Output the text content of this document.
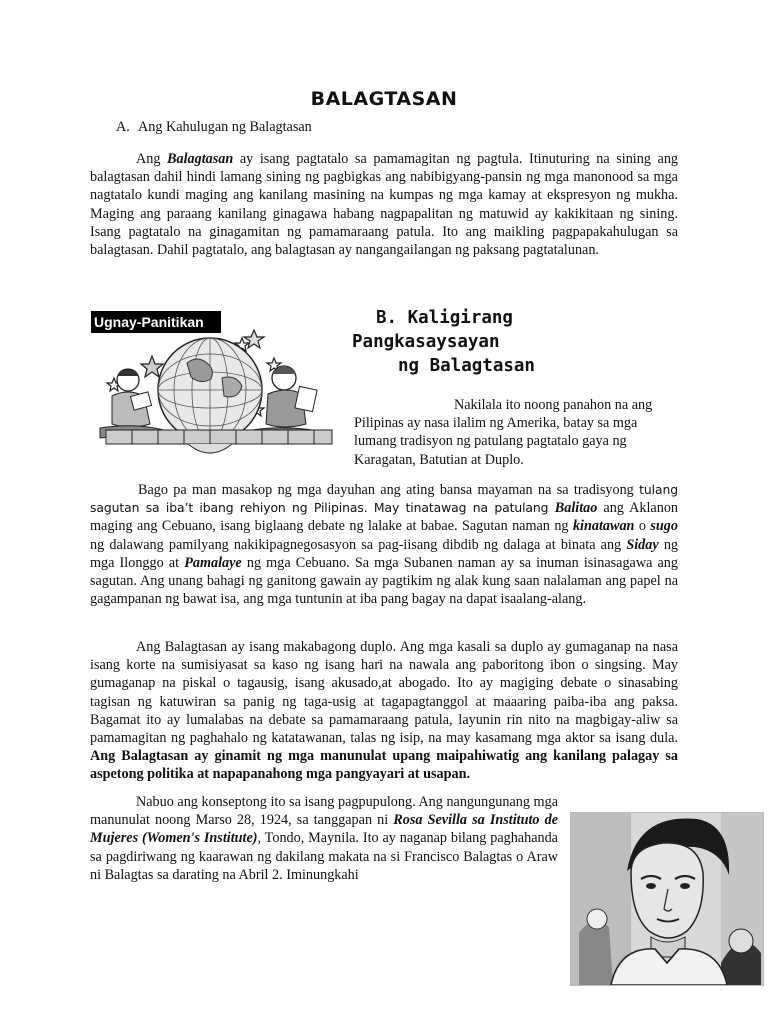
BALAGTASAN
A. Ang Kahulugan ng Balagtasan
Ang Balagtasan ay isang pagtatalo sa pamamagitan ng pagtula. Itinuturing na sining ang balagtasan dahil hindi lamang sining ng pagbigkas ang nabibigyang-pansin ng mga manonood sa mga nagtatalo kundi maging ang kanilang masining na kumpas ng mga kamay at ekspresyon ng mukha. Maging ang paraang kanilang ginagawa habang nagpapalitan ng matuwid ay kakikitaan ng sining. Isang pagtatalo na ginagamitan ng pamamaraang patula. Ito ang maikling pagpapakahulugan sa balagtasan. Dahil pagtatalo, ang balagtasan ay nangangailangan ng paksang pagtatalunan.
Ugnay-Panitikan	B. Kaligirang
Pangkasaysayan
ng Balagtasan
Nakilala ito noong panahon na ang Pilipinas ay nasa ilalim ng Amerika, batay sa mga lumang tradisyon ng patulang pagtatalo gaya ng Karagatan, Batutian at Duplo.
Bago pa man masakop ng mga dayuhan ang ating bansa mayaman na sa tradisyong tulang sagutan sa iba’t ibang rehiyon ng Pilipinas. May tinatawag na patulang Balitao ang Aklanon maging ang Cebuano, isang biglaang debate ng lalake at babae. Sagutan naman ng kinatawan o sugo ng dalawang pamilyang nakikipagnegosasyon sa pag-iisang dibdib ng dalaga at binata ang Siday ng mga Ilonggo at Pamalaye ng mga Cebuano. Sa mga Subanen naman ay sa inuman isinasagawa ang sagutan. Ang unang bahagi ng ganitong gawain ay pagtikim ng alak kung saan nalalaman ang papel na gagampanan ng bawat isa, ang mga tuntunin at iba pang bagay na dapat isaalang-alang.
Ang Balagtasan ay isang makabagong duplo. Ang mga kasali sa duplo ay gumaganap na nasa isang korte na sumisiyasat sa kaso ng isang hari na nawala ang paboritong ibon o singsing. May gumaganap na piskal o tagausig, isang akusado,at abogado. Ito ay magiging debate o sinasabing tagisan ng katuwiran sa panig ng taga-usig at tagapagtanggol at maaaring paiba-iba ang paksa. Bagamat ito ay lumalabas na debate sa pamamaraang patula, layunin rin nito na magbigay-aliw sa pamamagitan ng paghahalo ng katatawanan, talas ng isip, na may kasamang mga aktor sa isang dula. Ang Balagtasan ay ginamit ng mga manunulat upang maipahiwatig ang kanilang palagay sa aspetong politika at napapanahong mga pangyayari at usapan.
Nabuo ang konseptong ito sa isang pagpupulong. Ang nangungunang mga manunulat noong Marso 28, 1924, sa tanggapan ni Rosa Sevilla sa Instituto de Mujeres (Women's Institute), Tondo, Maynila. Ito ay naganap bilang paghahanda sa pagdiriwang ng kaarawan ng dakilang makata na si Francisco Balagtas o Araw ni Balagtas sa darating na Abril 2. Iminungkahi
